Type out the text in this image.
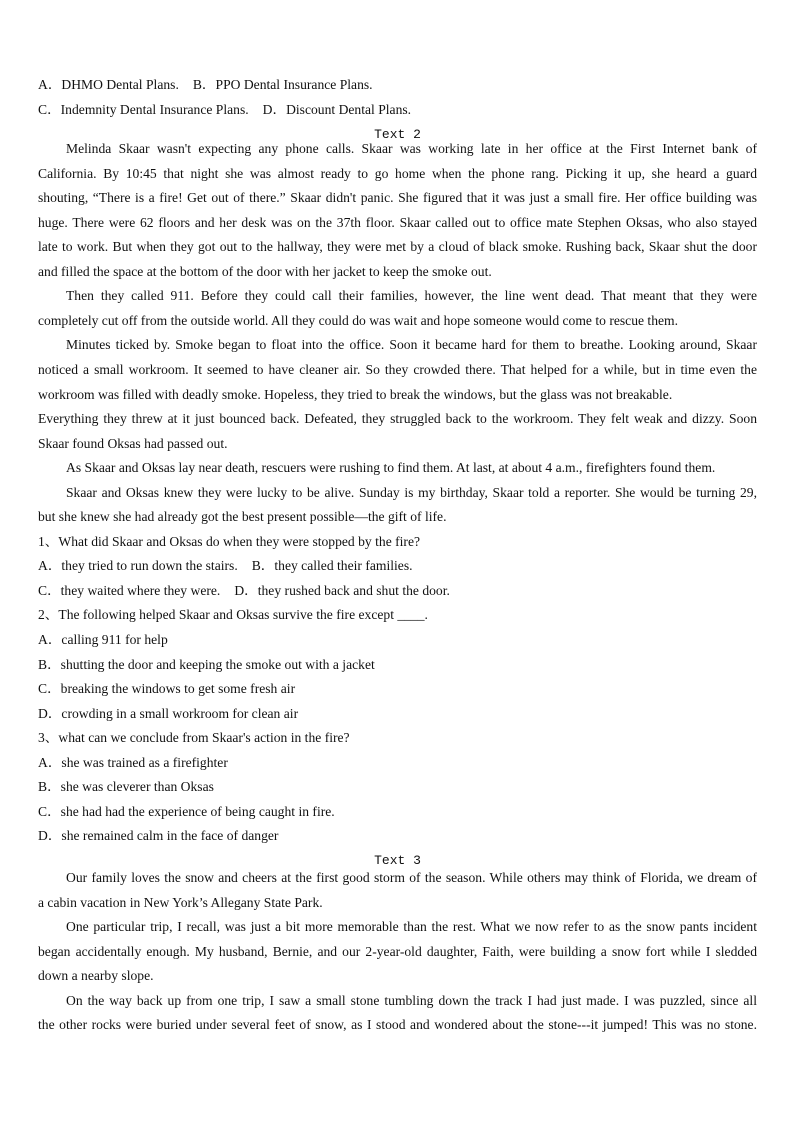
A．DHMO Dental Plans. B．PPO Dental Insurance Plans.
C．Indemnity Dental Insurance Plans. D．Discount Dental Plans.
Text 2
Melinda Skaar wasn't expecting any phone calls. Skaar was working late in her office at the First Internet bank of
California. By 10:45 that night she was almost ready to go home when the phone rang. Picking it up, she heard a guard
shouting, “There is a fire! Get out of there.” Skaar didn't panic. She figured that it was just a small fire. Her office building was
huge. There were 62 floors and her desk was on the 37th floor. Skaar called out to office mate Stephen Oksas, who also stayed
late to work. But when they got out to the hallway, they were met by a cloud of black smoke. Rushing back, Skaar shut the door
and filled the space at the bottom of the door with her jacket to keep the smoke out.
Then they called 911. Before they could call their families, however, the line went dead. That meant that they were
completely cut off from the outside world. All they could do was wait and hope someone would come to rescue them.
Minutes ticked by. Smoke began to float into the office. Soon it became hard for them to breathe. Looking around, Skaar
noticed a small workroom. It seemed to have cleaner air. So they crowded there. That helped for a while, but in time even the
workroom was filled with deadly smoke. Hopeless, they tried to break the windows, but the glass was not breakable.
Everything they threw at it just bounced back. Defeated, they struggled back to the workroom. They felt weak and dizzy. Soon
Skaar found Oksas had passed out.
As Skaar and Oksas lay near death, rescuers were rushing to find them. At last, at about 4 a.m., firefighters found them.
Skaar and Oksas knew they were lucky to be alive. Sunday is my birthday, Skaar told a reporter. She would be turning 29,
but she knew she had already got the best present possible—the gift of life.
1、What did Skaar and Oksas do when they were stopped by the fire?
A．they tried to run down the stairs. B．they called their families.
C．they waited where they were. D．they rushed back and shut the door.
2、The following helped Skaar and Oksas survive the fire except ____.
A．calling 911 for help
B．shutting the door and keeping the smoke out with a jacket
C．breaking the windows to get some fresh air
D．crowding in a small workroom for clean air
3、what can we conclude from Skaar's action in the fire?
A．she was trained as a firefighter
B．she was cleverer than Oksas
C．she had had the experience of being caught in fire.
D．she remained calm in the face of danger
Text 3
Our family loves the snow and cheers at the first good storm of the season. While others may think of Florida, we dream of
a cabin vacation in New York’s Allegany State Park.
One particular trip, I recall, was just a bit more memorable than the rest. What we now refer to as the snow pants incident
began accidentally enough. My husband, Bernie, and our 2-year-old daughter, Faith, were building a snow fort while I sledded
down a nearby slope.
On the way back up from one trip, I saw a small stone tumbling down the track I had just made. I was puzzled, since all
the other rocks were buried under several feet of snow, as I stood and wondered about the stone---it jumped! This was no stone.
